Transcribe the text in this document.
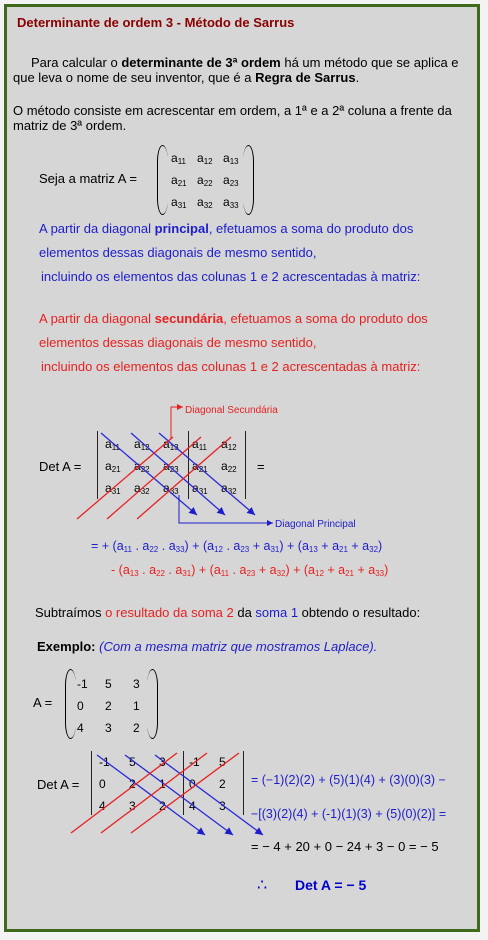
Determinante de ordem 3 - Método de Sarrus
Para calcular o determinante de 3ª ordem há um método que se aplica e que leva o nome de seu inventor, que é a Regra de Sarrus.
O método consiste em acrescentar em ordem, a 1ª e a 2ª coluna a frente da matriz de 3ª ordem.
Seja a matriz A =
$a_{11}$ $a_{12}$ $a_{13}$
$a_{21}$ $a_{22}$ $a_{23}$
$a_{31}$ $a_{32}$ $a_{33}$
A partir da diagonal principal, efetuamos a soma do produto dos
elementos dessas diagonais de mesmo sentido,
incluindo os elementos das colunas 1 e 2 acrescentadas à matriz:
A partir da diagonal secundária, efetuamos a soma do produto dos
elementos dessas diagonais de mesmo sentido,
incluindo os elementos das colunas 1 e 2 acrescentadas à matriz:
Diagonal Secundária
Det A =	=
$a_{11}$ $a_{12}$ $a_{13}$ $a_{11}$ $a_{12}$
$a_{21}$ $a_{22}$ $a_{23}$ $a_{21}$ $a_{22}$
$a_{31}$ $a_{32}$ $a_{33}$ $a_{31}$ $a_{32}$
Diagonal Principal
= + ($a_{11}$ . $a_{22}$ . $a_{33}) + (a_{12}$ . $a_{23} + a_{31}) + (a_{13} + a_{21} + a_{32})$
- ($a_{13}$ . $a_{22}$ . $a_{31}) + (a_{11}$ . $a_{23} + a_{32}) + (a_{12} + a_{21} + a_{33})$
Subtraímos o resultado da soma 2 da soma 1 obtendo o resultado:
Exemplo: (Com a mesma matriz que mostramos Laplace).
A =
-1 5 3
0 2 1
4 3 2
Det A =
-1 5 3 -1 5
0 2 1 0 2
4 3 2 4 3
= (−1)(2)(2) + (5)(1)(4) + (3)(0)(3) −
−[(3)(2)(4) + (-1)(1)(3) + (5)(0)(2)] =
= − 4 + 20 + 0 − 24 + 3 − 0 = − 5
∴ Det A = − 5
